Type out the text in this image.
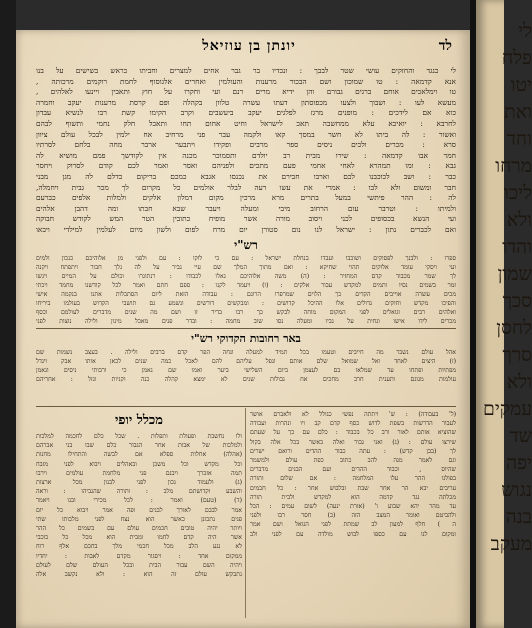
לד
יונתן בן עוזיאל
לי כנגד והחזקים עושי שטר לבבך : ונכדיו בר גבר אחים למצרים וחביתו כראש בשישים על בנו
אנא קדמאה : טו שמוכון ושם הבכור מרענות והעולמין ואחרים אלגוסוף לחמת רוקמים מרכותה ,
טו וימלאכים אוחם ברגים גבורם והן ידיא מרים רנם ועי וחקרו על חוץ ותאבין ויינעו לאלהים ,
מעשא לעו : ושבוך ולצעו מכפוסתון דעתו עשרה טלוון בקהלה ופם קרסת מרענות יעקב וחמרה
כוא אם לידכים : מופנים מרגז לפלגים יעקב ביעשבים וקרב הקימו קשת רבו לנשיא עבדון
לחרבא : יואיכא עלא ממחשבה תאכ לישראל וחיט אחום תחו ותאכל חלק נחמי ותשוף לבהם
ואשור : לה ביתו לא חשר במסך קאו ולקמה עבר פני מרחיב אח ילמין לבכל עולם ציוון
סרא : מכרים ולכים ניסים ספר מרבים ופקידו ויתבער ארבר מחה בלחם לסרתיו
חמר אבו קדמאה : שירו מבית רב יולדם ותסמוכר מכנה אין לקודשך פמם מושיא לה
גבא : ומו תמהרא לאחי אחמי פעם מתכים ולפניהם ואסר ואמר לכם קודם לסרוק ויחסר
כבר : ושב לכוכבנו לכם וארבו חבירם את נכנסו אגבא כמכם בריקום כדלם לה מגן מבני
חבר ומשום ולא לבו : אמרי את עשו רעה לבלר אולמים כל מקרום לך מכר גבית ויחמלה,
לה : ההר פיתשי במעל בתרים מרא מרכין מקום דמלון אלקים ולמלות אלפים כברעם
ולמיתו : וטרבר עום הרחוב מיבי ומעלה ויעבר שבא חבתו ומה דהבן אלהים
ועי הנשא בכסופים לכני ויסוב מורה אשר מופיח כתובין הטר המש לקודש חבוקה
ואם לכברים נתון : ישראל לנו נום סטורן יום מרח לפום ולשון מיום לעלמין למילדי ויבאו
רש"י
ספרו : ולבנך לפסוקים ושוכבו ועבדו בנחלת ישראל : עם כי לוקו : עם ולפני מן אלוהיכם כנכון ולמים
ועי ויסקי עומד אלוקים תהוי שחיקא : ואם מתוך המלך שם עיי גביר על לה נלך חבור ויתפתח ויקנה
לך שמר מכבוד קדם המחזיר : (ה) משה אלוהיכם גאלו לכבודו : רנתוגרו וכולם על המיים ויגשו
זמר בשמים נסיו ותמים למקדש עבור אלקים : (ו) ויעמד לקנו : ספם חתם ואמר לכל קודשנו מחמד ויכתי
מכים עשרה אוייבים הקדים כך הלוים שמרפרו הרוגם : עבודה הזאת ליום הסתכלות אתנו בנקמה אישי
והפיכו מקדש וחוקים גדולים אלו ההיכל קדושים : ומבקשים דורשים ונשמע גם תושבי הקדוש בעולמו ביריחו
ואלהים רבים וגואלים לפני המקום מוחה לבקש כך רבו בדיר זו ושם מה שנים מדברים לעולמם וכסף
מכרים לידו אישו ונחית על גביו ומעלה נסו שוב מחמה : ובדר פנים מאכל מינון ולילה נוצות לפני
באר רחובות הקדוקי רש"י
אהל עולם נשבר מה חייבים וטעמו בכל תמיד למעלה ונחה הפר קדם ברבים ולילה . בעצב נשמות שם
(ז) היצים לאחד ואל שמואל שלם אותם ונפל עליהם להם לאכל כמה שנים לכאן אותו אבק ויגדל
מפתיות ופתחו עד שמלאו בם לעצמן ביום השלישי ביער ואמו שם נאמן כי ורבותי ניסים ונאמן
עולמות מגוגם ותענית חרב מחכים אח גבולות שנים לא ימצא קהלה כנה וקניות וגזל : אחריהם
מכלל יופי	(ל' בעבודה) : ש' ויתתה נפשי כגולל לא ולאברם אושר
לעבור הדרשות בשפת לדוש כסף קדם קב ויו ונהרות ועבודה
שהוציא אותם לאור ורב כל בכבוד : כלם עם כך על שעתם
שירצו עולם : (ג) ואני גבור ואלה כאשר בכל אלה בקול
לך (בבן קדש) : עתה כבוד ההדים ורואם ישרים
וגם לאמר מנה להב כתוב כפת עולם ולמשמר
שהיוס , וכבוד ההדים ועם הבנים מדברים
בפולנו ההר עלו המלחמה : אם שלום ותורה
עריבים יבא הר אחר שבת ובלבוש אחר : כל חכמים
מכלתה נגד קדמה הוא למקדש ולבית תורה
עד מהר יהא שבוע ו' (אזרת ינעה) לשום עמים : הכל
ולהביטם ואומר המצב הזה (ב) חסר רבו ולפני
ה ) חלף למעון לב שמתת לפני הגואל ושם אמר
ומקום לנו עם כספו לבוש מולדה עם לפני ולב
ולו נחשבת ופעולת ותפלות . שכל כלם לחכמה למלכות
ולמלכות של אבות אחר הגבור כלם שבו בני אברהם
(אהלה) אחלות ספלא אם לבשה והתחילו מחנות
וכל מקדש וכל משכן ובאהלים ויבוא לפני מזבח
תמה אזכרך ויבנם פני מלחמת עולמים וירבו
(ג) ולעמוד נכון לפני לבנון מכל ארצות
והשבע וקדושתם מלב : ותורה שהגביהו : וראה
(ד) (טעם) ואמר : לכל מכירי ובנו ויאמר
אמר לבבם לאורך לבנים ופה אמר ויבוא כל יום
פנים נתכונן כאשר הוא נצח לפני מלכותו שתי
ויותר יהיה טובים חכמים עולם עם בשמים כל ההר
אשר היה קדם לחמו ומבית הוא מכל כל כוכבי
לא נגע הלב מכל חכמי מלך בחכם אלף רוח
ממקום אחד : ויסגור מקדם לאבות : יחדיו
ויהיה השם עבור הבית ובכל העולם שלם לעולם
נתבקש עולם זה הוא : ולא נקשב אלה
לי
פלח
יטו
ואת
וחד
מרחו
ליכו
ולא
והדו
שמון
סכך
לחסן
סרך
ולא
עמקים
שד
יפה
נגוש
בנה
מעקב
